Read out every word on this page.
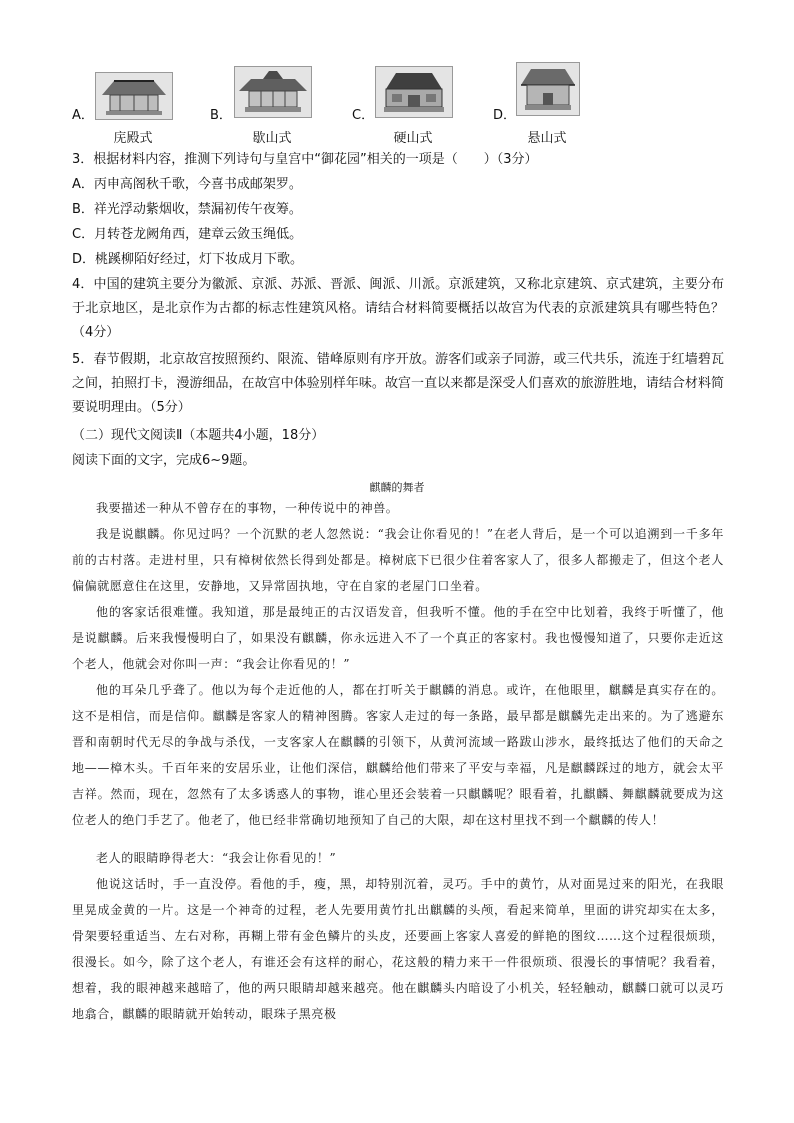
A．
庑殿式
B．
歇山式
C．
硬山式
D．
悬山式
3．根据材料内容，推测下列诗句与皇宫中“御花园”相关的一项是（　　）（3分）
A．丙申高阁秋千歌，今喜书成邮架罗。
B．祥光浮动紫烟收，禁漏初传午夜筹。
C．月转苍龙阙角西，建章云敛玉绳低。
D．桃蹊柳陌好经过，灯下妆成月下歌。

4．中国的建筑主要分为徽派、京派、苏派、晋派、闽派、川派。京派建筑，又称北京建筑、京式建筑，主要分布于北京地区，是北京作为古都的标志性建筑风格。请结合材料简要概括以故宫为代表的京派建筑具有哪些特色？（4分）

5．春节假期，北京故宫按照预约、限流、错峰原则有序开放。游客们或亲子同游，或三代共乐，流连于红墙碧瓦之间，拍照打卡，漫游细品，在故宫中体验别样年味。故宫一直以来都是深受人们喜欢的旅游胜地，请结合材料简要说明理由。（5分）

（二）现代文阅读Ⅱ（本题共4小题，18分）
阅读下面的文字，完成6~9题。
麒麟的舞者

我要描述一种从不曾存在的事物，一种传说中的神兽。

我是说麒麟。你见过吗？一个沉默的老人忽然说：“我会让你看见的！”在老人背后，是一个可以追溯到一千多年前的古村落。走进村里，只有樟树依然长得到处都是。樟树底下已很少住着客家人了，很多人都搬走了，但这个老人偏偏就愿意住在这里，安静地，又异常固执地，守在自家的老屋门口坐着。

他的客家话很难懂。我知道，那是最纯正的古汉语发音，但我听不懂。他的手在空中比划着，我终于听懂了，他是说麒麟。后来我慢慢明白了，如果没有麒麟，你永远进入不了一个真正的客家村。我也慢慢知道了，只要你走近这个老人，他就会对你叫一声：“我会让你看见的！”

他的耳朵几乎聋了。他以为每个走近他的人，都在打听关于麒麟的消息。或许，在他眼里，麒麟是真实存在的。这不是相信，而是信仰。麒麟是客家人的精神图腾。客家人走过的每一条路，最早都是麒麟先走出来的。为了逃避东晋和南朝时代无尽的争战与杀伐，一支客家人在麒麟的引领下，从黄河流域一路跋山涉水，最终抵达了他们的天命之地——樟木头。千百年来的安居乐业，让他们深信，麒麟给他们带来了平安与幸福，凡是麒麟踩过的地方，就会太平吉祥。然而，现在，忽然有了太多诱惑人的事物，谁心里还会装着一只麒麟呢？眼看着，扎麒麟、舞麒麟就要成为这位老人的绝门手艺了。他老了，他已经非常确切地预知了自己的大限，却在这村里找不到一个麒麟的传人！

老人的眼睛睁得老大：“我会让你看见的！”

他说这话时，手一直没停。看他的手，瘦，黑，却特别沉着，灵巧。手中的黄竹，从对面晃过来的阳光，在我眼里晃成金黄的一片。这是一个神奇的过程，老人先要用黄竹扎出麒麟的头颅，看起来简单，里面的讲究却实在太多，骨架要轻重适当、左右对称，再糊上带有金色鳞片的头皮，还要画上客家人喜爱的鲜艳的图纹……这个过程很烦琐，很漫长。如今，除了这个老人，有谁还会有这样的耐心，花这般的精力来干一件很烦琐、很漫长的事情呢？我看着，想着，我的眼神越来越暗了，他的两只眼睛却越来越亮。他在麒麟头内暗设了小机关，轻轻触动，麒麟口就可以灵巧地翕合，麒麟的眼睛就开始转动，眼珠子黑亮极
